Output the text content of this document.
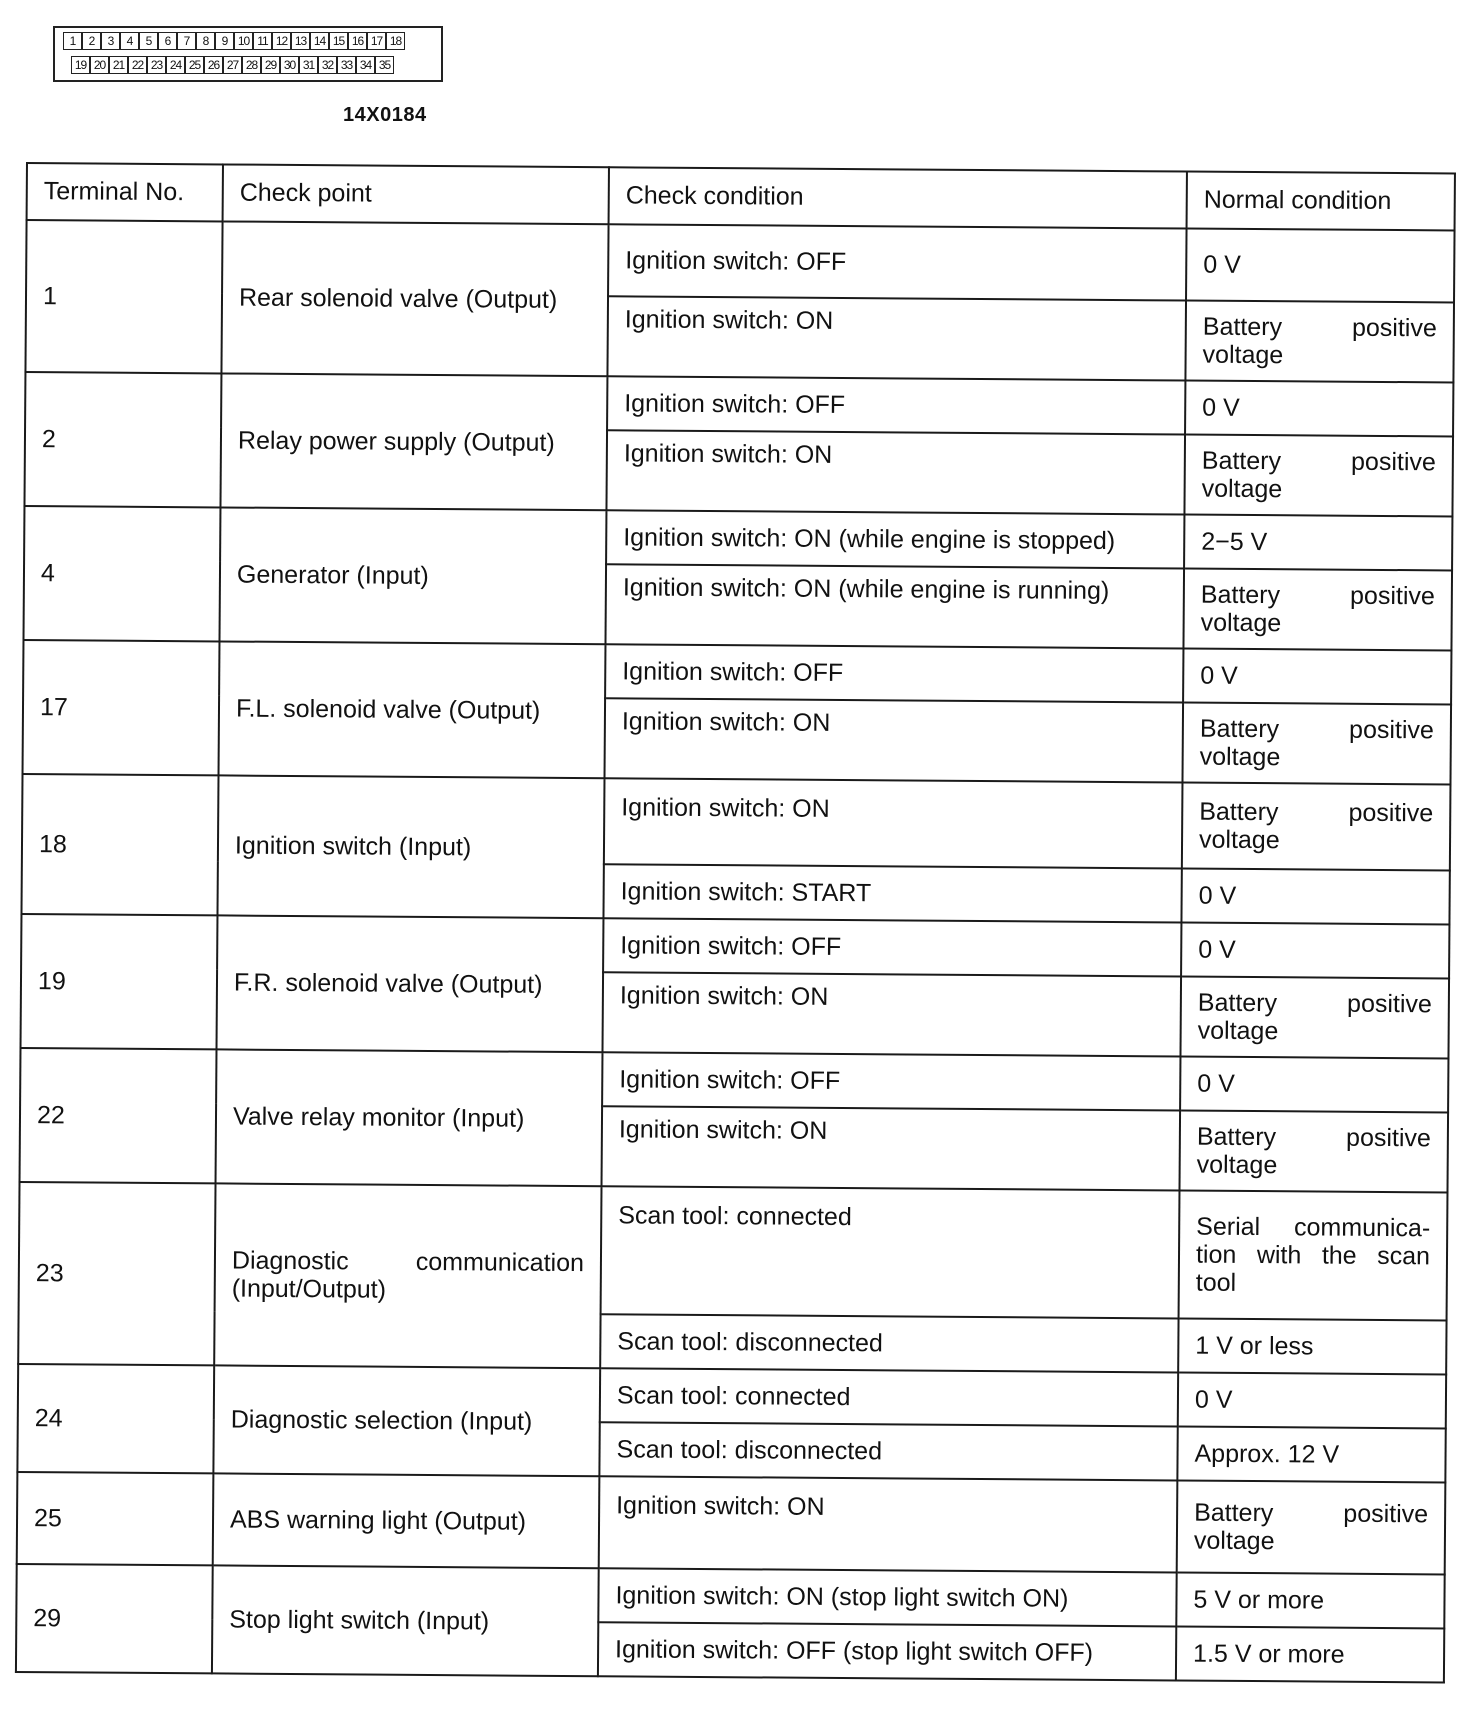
1	2	3	4	5	6	7	8	9 10 11 12 13 14 15 16 17 18
19 20 21 22 23 24 25 26 27 28 29 30 31 32 33 34 35
14X0184
Terminal No.	Check point	Check condition	Normal condition
1	Rear solenoid valve (Output)	Ignition switch: OFF	0 V
		Ignition switch: ON	Battery positive
voltage

2	Relay power supply (Output)	Ignition switch: OFF	0 V
		Ignition switch: ON	Battery positive
voltage

4	Generator (Input)	Ignition switch: ON (while engine is stopped)	2−5 V
		Ignition switch: ON (while engine is running)	Battery positive
voltage

17	F.L. solenoid valve (Output)	Ignition switch: OFF	0 V
		Ignition switch: ON	Battery positive
voltage

18	Ignition switch (Input)	Ignition switch: ON	Battery positive
voltage

		Ignition switch: START	0 V
19	F.R. solenoid valve (Output)	Ignition switch: OFF	0 V
		Ignition switch: ON	Battery positive
voltage

22	Valve relay monitor (Input)	Ignition switch: OFF	0 V
		Ignition switch: ON	Battery positive
voltage

23	Diagnostic communication
(Input/Output)	Scan tool: connected	Serial communica-
tion with the scan
tool

		Scan tool: disconnected	1 V or less
24	Diagnostic selection (Input)	Scan tool: connected	0 V
		Scan tool: disconnected	Approx. 12 V
25	ABS warning light (Output)	Ignition switch: ON	Battery positive
voltage

29	Stop light switch (Input)	Ignition switch: ON (stop light switch ON)	5 V or more
		Ignition switch: OFF (stop light switch OFF)	1.5 V or more
